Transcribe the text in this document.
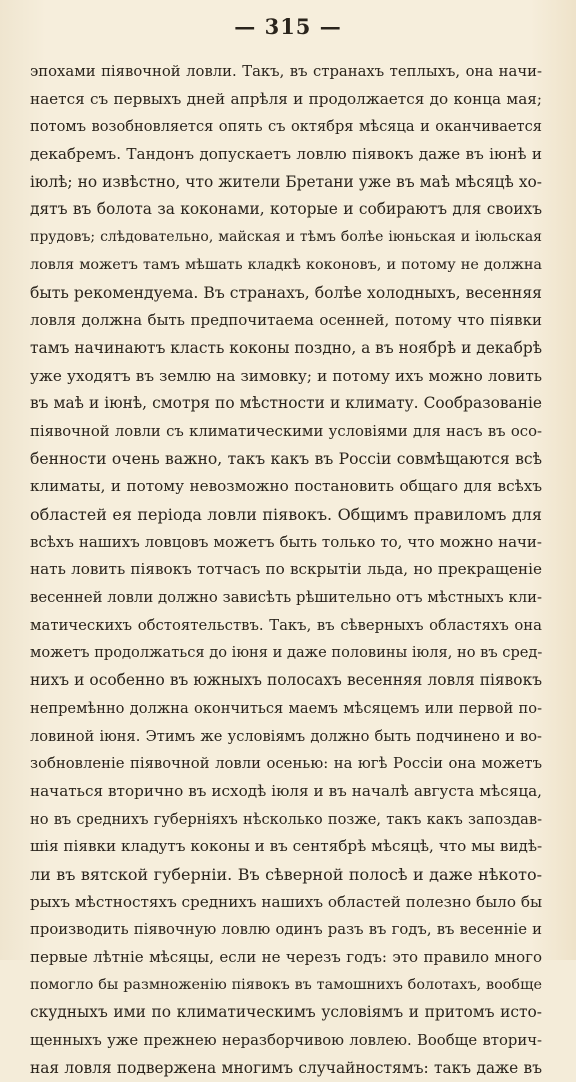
— 315 —
эпохами піявочной ловли. Такъ, въ странахъ теплыхъ, она начи-
нается съ первыхъ дней апрѣля и продолжается до конца мая;
потомъ возобновляется опять съ октября мѣсяца и оканчивается
декабремъ. Тандонъ допускаетъ ловлю піявокъ даже въ іюнѣ и
іюлѣ; но извѣстно, что жители Бретани уже въ маѣ мѣсяцѣ хо-
дятъ въ болота за коконами, которые и собираютъ для своихъ
прудовъ; слѣдовательно, майская и тѣмъ болѣе іюньская и іюльская
ловля можетъ тамъ мѣшать кладкѣ коконовъ, и потому не должна
быть рекомендуема. Въ странахъ, болѣе холодныхъ, весенняя
ловля должна быть предпочитаема осенней, потому что піявки
тамъ начинаютъ класть коконы поздно, а въ ноябрѣ и декабрѣ
уже уходятъ въ землю на зимовку; и потому ихъ можно ловить
въ маѣ и іюнѣ, смотря по мѣстности и климату. Сообразованіе
піявочной ловли съ климатическими условіями для насъ въ осо-
бенности очень важно, такъ какъ въ Россіи совмѣщаются всѣ
климаты, и потому невозможно постановить общаго для всѣхъ
областей ея періода ловли піявокъ. Общимъ правиломъ для
всѣхъ нашихъ ловцовъ можетъ быть только то, что можно начи-
нать ловить піявокъ тотчасъ по вскрытіи льда, но прекращеніе
весенней ловли должно зависѣть рѣшительно отъ мѣстныхъ кли-
матическихъ обстоятельствъ. Такъ, въ сѣверныхъ областяхъ она
можетъ продолжаться до іюня и даже половины іюля, но въ сред-
нихъ и особенно въ южныхъ полосахъ весенняя ловля піявокъ
непремѣнно должна окончиться маемъ мѣсяцемъ или первой по-
ловиной іюня. Этимъ же условіямъ должно быть подчинено и во-
зобновленіе піявочной ловли осенью: на югѣ Россіи она можетъ
начаться вторично въ исходѣ іюля и въ началѣ августа мѣсяца,
но въ среднихъ губерніяхъ нѣсколько позже, такъ какъ запоздав-
шія піявки кладутъ коконы и въ сентябрѣ мѣсяцѣ, что мы видѣ-
ли въ вятской губерніи. Въ сѣверной полосѣ и даже нѣкото-
рыхъ мѣстностяхъ среднихъ нашихъ областей полезно было бы
производить піявочную ловлю одинъ разъ въ годъ, въ весеннiе и
первые лѣтніе мѣсяцы, если не черезъ годъ: это правило много
помогло бы размноженію піявокъ въ тамошнихъ болотахъ, вообще
скудныхъ ими по климатическимъ условіямъ и притомъ исто-
щенныхъ уже прежнею неразборчивою ловлею. Вообще вторич-
ная ловля подвержена многимъ случайностямъ: такъ даже въ
